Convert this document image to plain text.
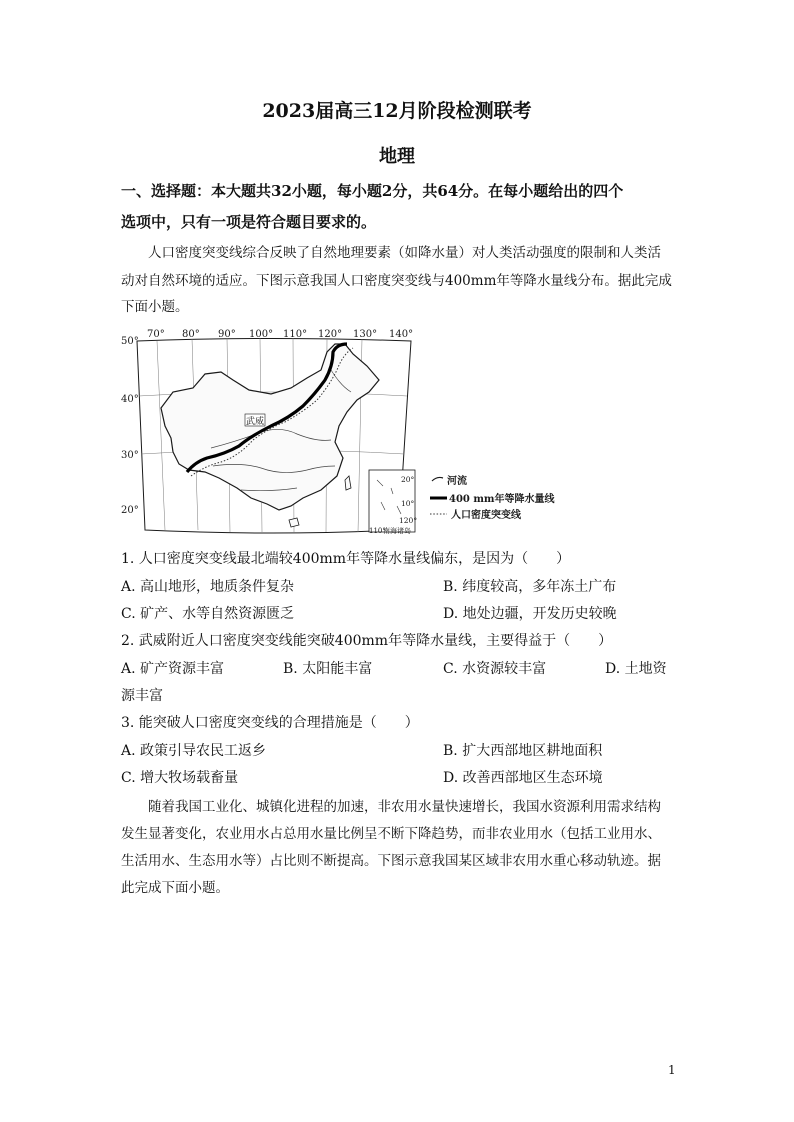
2023届高三12月阶段检测联考
地理
一、选择题：本大题共32小题，每小题2分，共64分。在每小题给出的四个
选项中，只有一项是符合题目要求的。
人口密度突变线综合反映了自然地理要素（如降水量）对人类活动强度的限制和人类活
动对自然环境的适应。下图示意我国人口密度突变线与400mm年等降水量线分布。据此完成
下面小题。
70° 80° 90° 100° 110° 120° 130° 140°
50°
40°
30°
20°
武威
20°
10°
120°
110°
南海诸岛
河流
400 mm年等降水量线
人口密度突变线
1. 人口密度突变线最北端较400mm年等降水量线偏东，是因为（　　）
A. 高山地形，地质条件复杂	B. 纬度较高，多年冻土广布
C. 矿产、水等自然资源匮乏	D. 地处边疆，开发历史较晚
2. 武威附近人口密度突变线能突破400mm年等降水量线，主要得益于（　　）
A. 矿产资源丰富	B. 太阳能丰富	C. 水资源较丰富	D. 土地资
源丰富
3. 能突破人口密度突变线的合理措施是（　　）
A. 政策引导农民工返乡	B. 扩大西部地区耕地面积
C. 增大牧场载畜量	D. 改善西部地区生态环境
随着我国工业化、城镇化进程的加速，非农用水量快速增长，我国水资源利用需求结构
发生显著变化，农业用水占总用水量比例呈不断下降趋势，而非农业用水（包括工业用水、
生活用水、生态用水等）占比则不断提高。下图示意我国某区域非农用水重心移动轨迹。据
此完成下面小题。
1
